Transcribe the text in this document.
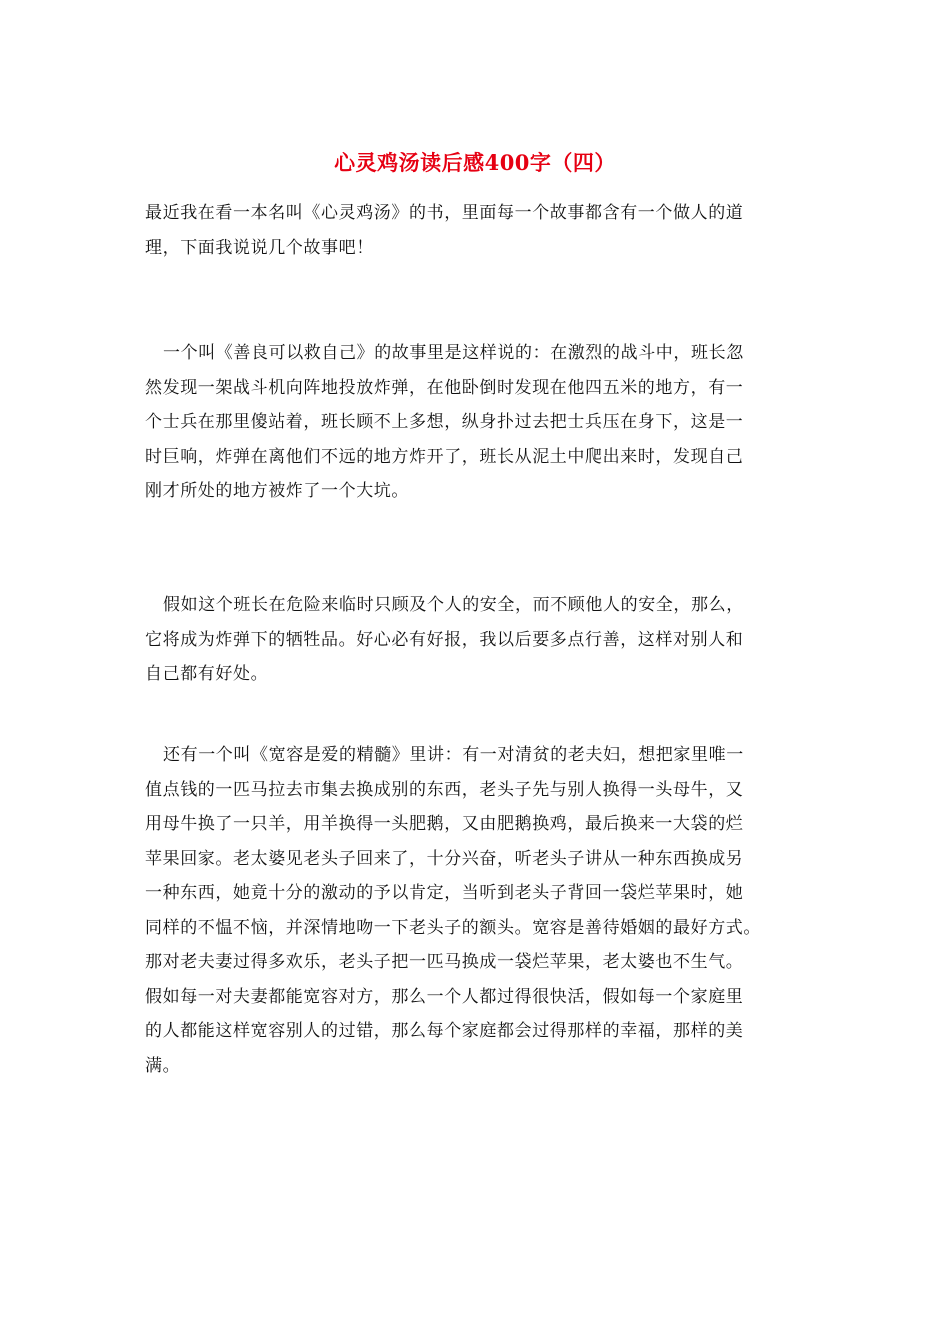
心灵鸡汤读后感400字（四）
最近我在看一本名叫《心灵鸡汤》的书，里面每一个故事都含有一个做人的道
理，下面我说说几个故事吧！
一个叫《善良可以救自己》的故事里是这样说的：在激烈的战斗中，班长忽
然发现一架战斗机向阵地投放炸弹，在他卧倒时发现在他四五米的地方，有一
个士兵在那里傻站着，班长顾不上多想，纵身扑过去把士兵压在身下，这是一
时巨响，炸弹在离他们不远的地方炸开了，班长从泥土中爬出来时，发现自己
刚才所处的地方被炸了一个大坑。
假如这个班长在危险来临时只顾及个人的安全，而不顾他人的安全，那么，
它将成为炸弹下的牺牲品。好心必有好报，我以后要多点行善，这样对别人和
自己都有好处。
还有一个叫《宽容是爱的精髓》里讲：有一对清贫的老夫妇，想把家里唯一
值点钱的一匹马拉去市集去换成别的东西，老头子先与别人换得一头母牛，又
用母牛换了一只羊，用羊换得一头肥鹅，又由肥鹅换鸡，最后换来一大袋的烂
苹果回家。老太婆见老头子回来了，十分兴奋，听老头子讲从一种东西换成另
一种东西，她竟十分的激动的予以肯定，当听到老头子背回一袋烂苹果时，她
同样的不愠不恼，并深情地吻一下老头子的额头。宽容是善待婚姻的最好方式。
那对老夫妻过得多欢乐，老头子把一匹马换成一袋烂苹果，老太婆也不生气。
假如每一对夫妻都能宽容对方，那么一个人都过得很快活，假如每一个家庭里
的人都能这样宽容别人的过错，那么每个家庭都会过得那样的幸福，那样的美
满。
